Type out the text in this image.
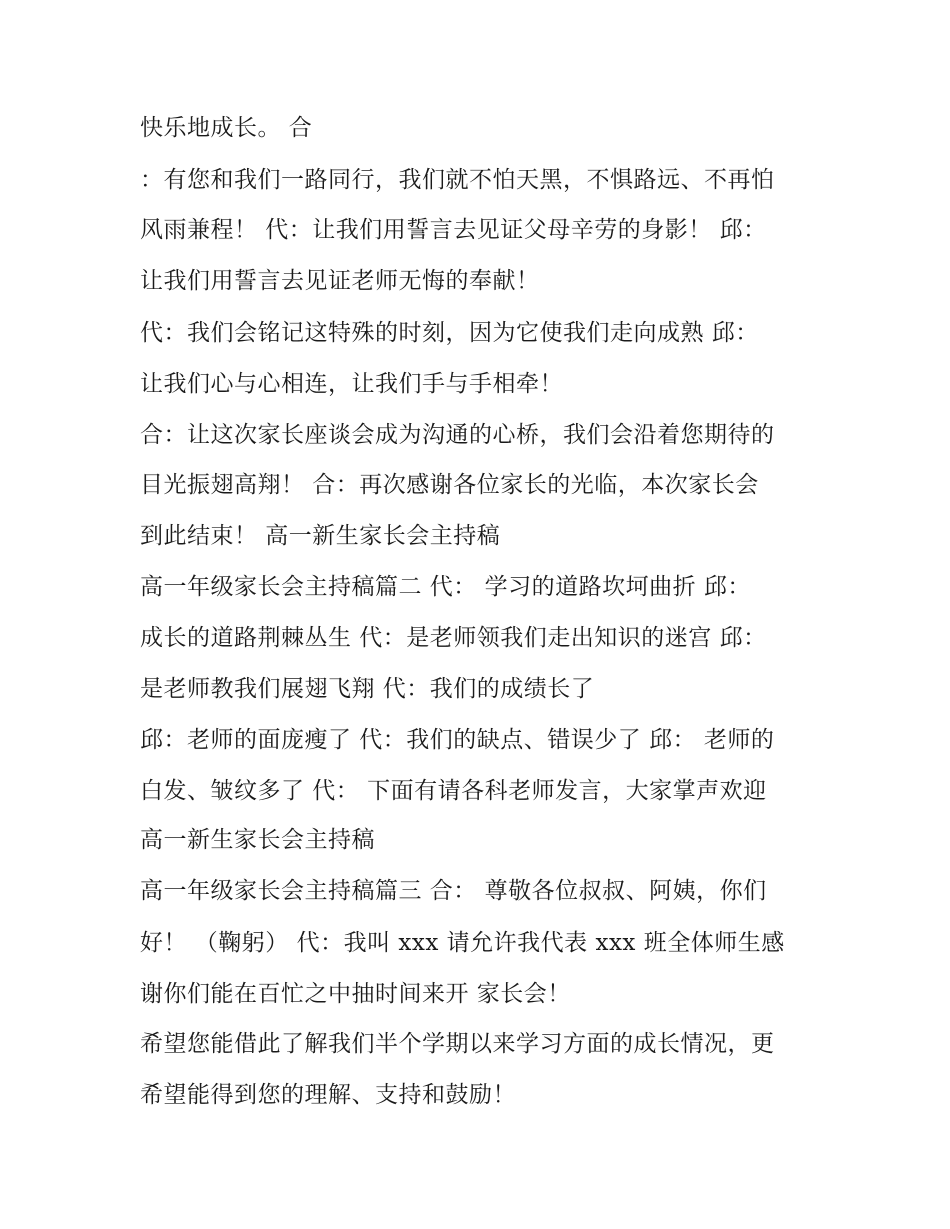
快乐地成长。 合
：有您和我们一路同行，我们就不怕天黑，不惧路远、不再怕
风雨兼程！ 代：让我们用誓言去见证父母辛劳的身影！ 邱：
让我们用誓言去见证老师无悔的奉献！
代：我们会铭记这特殊的时刻，因为它使我们走向成熟 邱：
让我们心与心相连，让我们手与手相牵！
合：让这次家长座谈会成为沟通的心桥，我们会沿着您期待的
目光振翅高翔！ 合：再次感谢各位家长的光临，本次家长会
到此结束！ 高一新生家长会主持稿
高一年级家长会主持稿篇二 代： 学习的道路坎坷曲折 邱：
成长的道路荆棘丛生 代：是老师领我们走出知识的迷宫 邱：
是老师教我们展翅飞翔 代：我们的成绩长了
邱：老师的面庞瘦了 代：我们的缺点、错误少了 邱： 老师的
白发、皱纹多了 代： 下面有请各科老师发言，大家掌声欢迎
高一新生家长会主持稿
高一年级家长会主持稿篇三 合： 尊敬各位叔叔、阿姨，你们
好！ （鞠躬） 代：我叫 xxx 请允许我代表 xxx 班全体师生感
谢你们能在百忙之中抽时间来开 家长会！
希望您能借此了解我们半个学期以来学习方面的成长情况，更
希望能得到您的理解、支持和鼓励！
